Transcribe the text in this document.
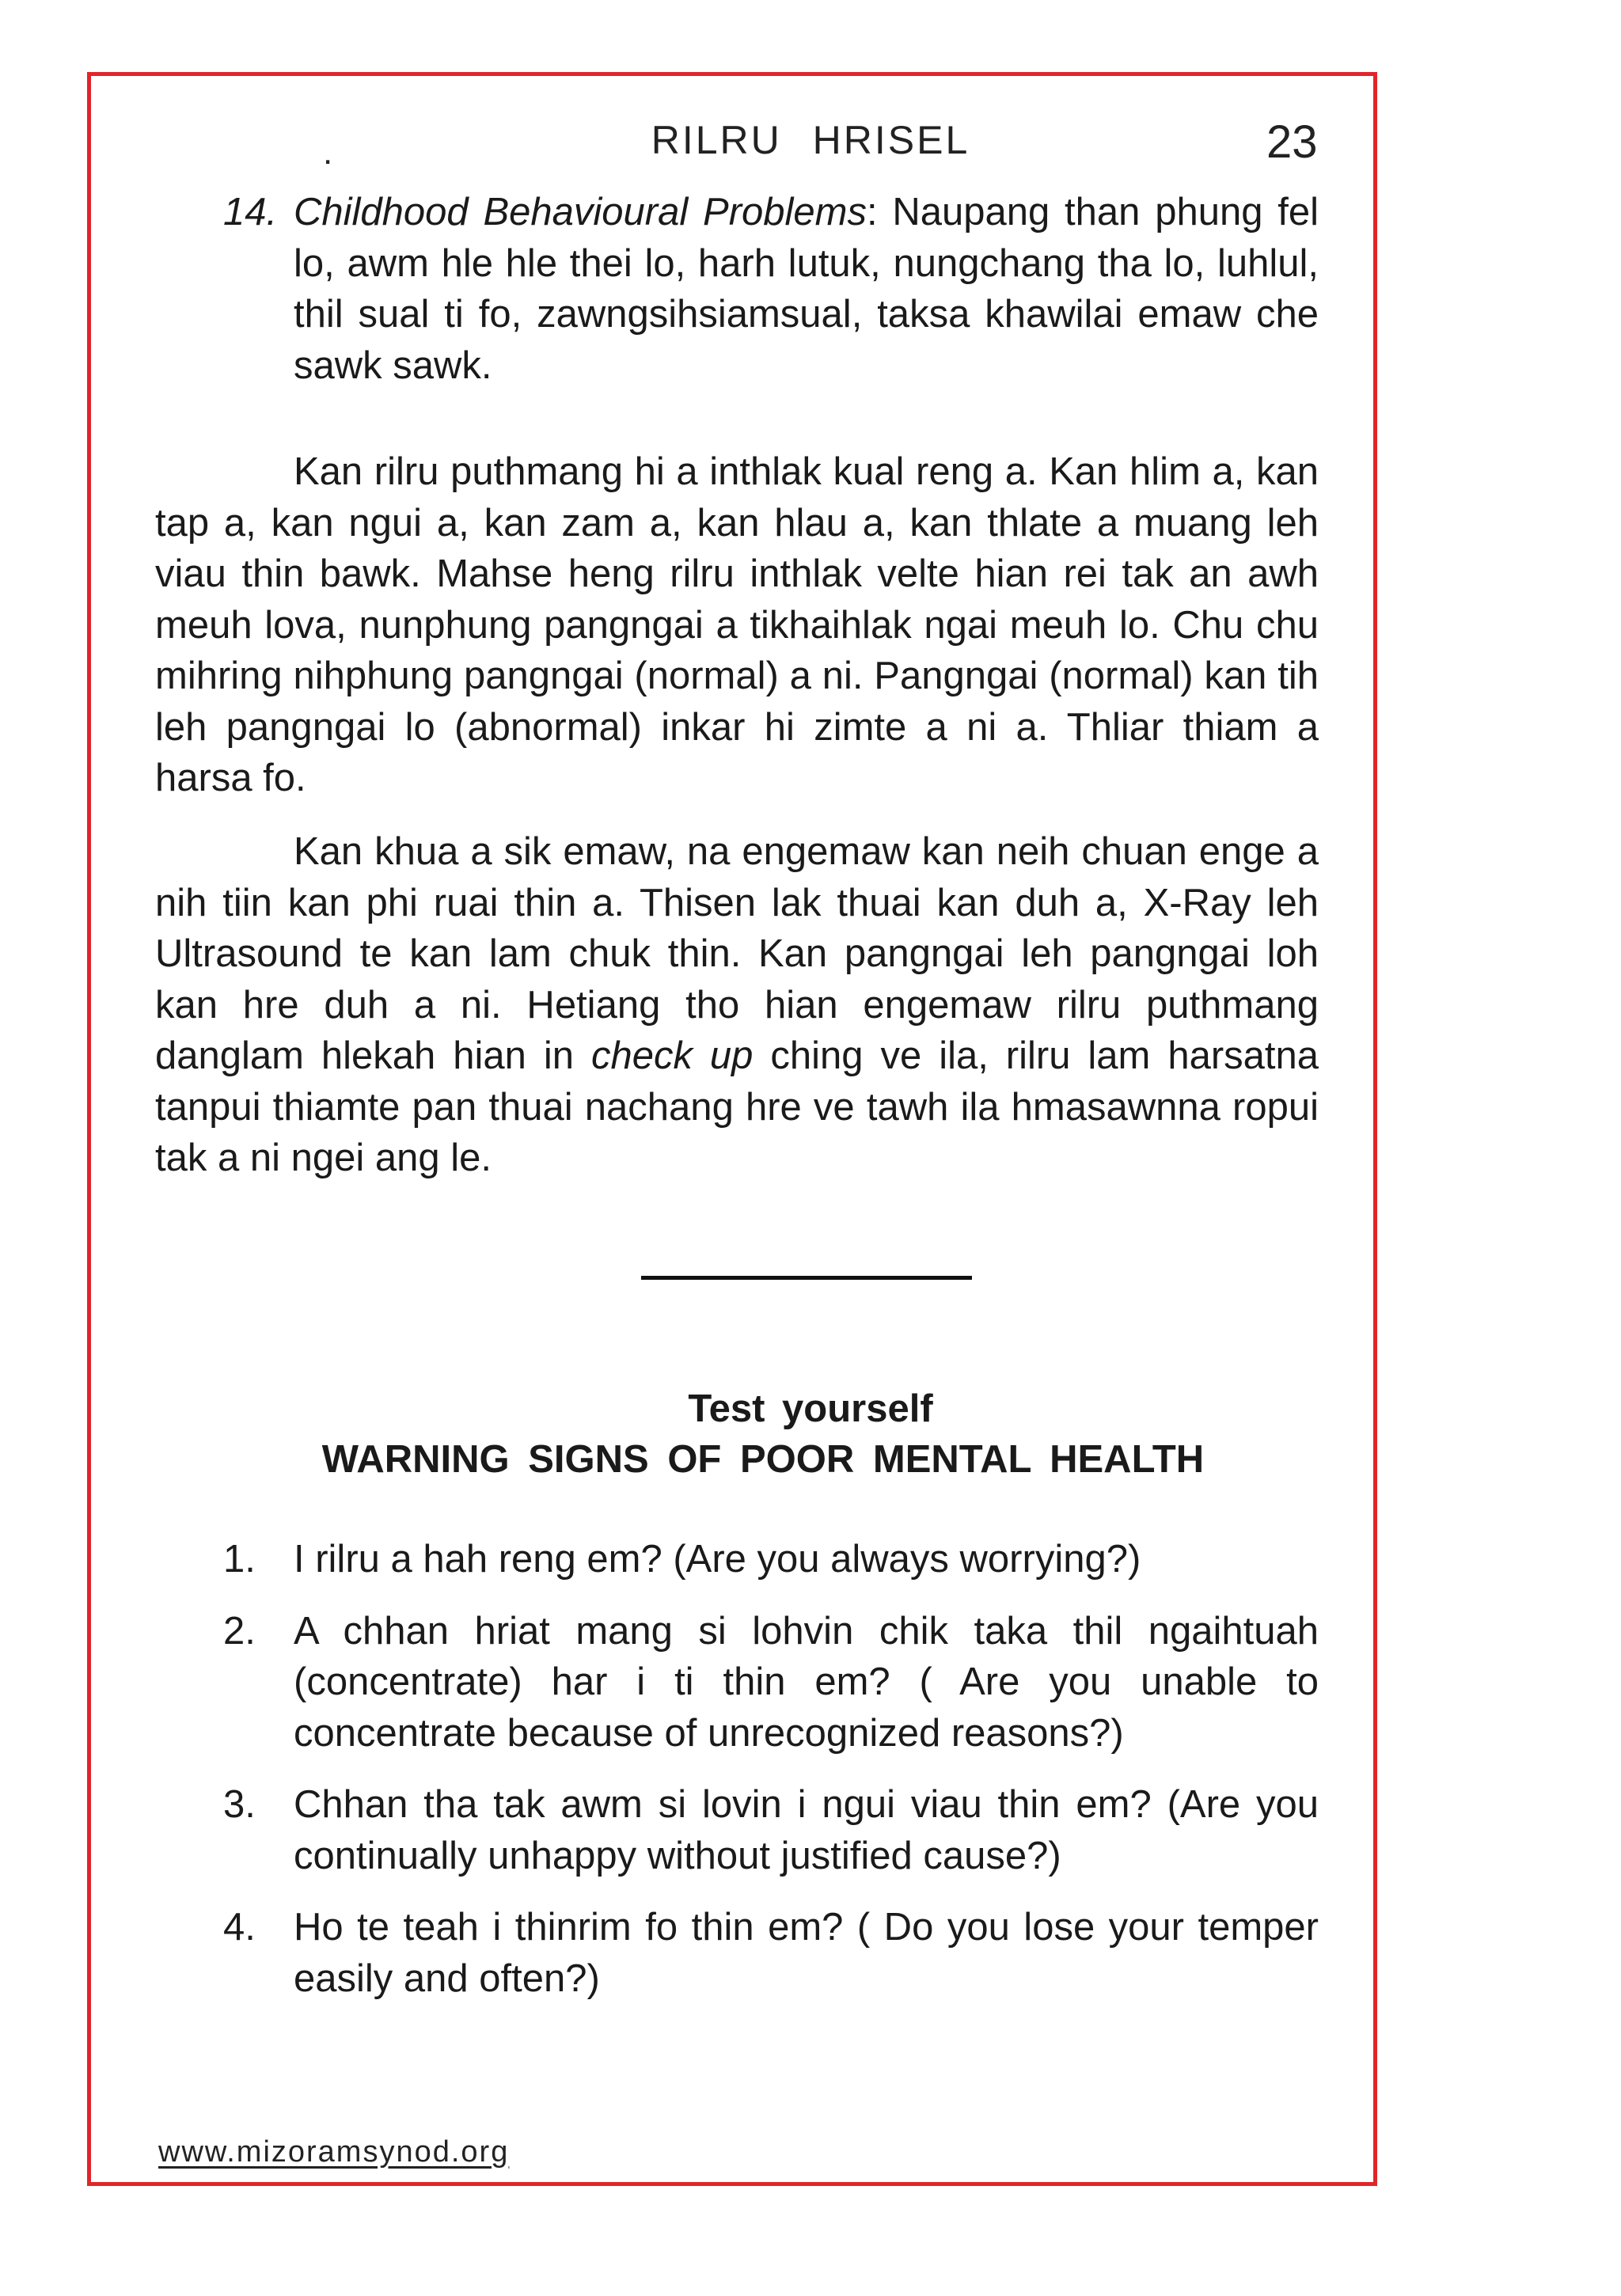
.	RILRU HRISEL	23
14. Childhood Behavioural Problems: Naupang than phung fel lo, awm hle hle thei lo, harh lutuk, nungchang tha lo, luhlul, thil sual ti fo, zawngsihsiamsual, taksa khawilai emaw che sawk sawk.

Kan rilru puthmang hi a inthlak kual reng a. Kan hlim a, kan tap a, kan ngui a, kan zam a, kan hlau a, kan thlate a muang leh viau thin bawk. Mahse heng rilru inthlak velte hian rei tak an awh meuh lova, nunphung pangngai a tikhaihlak ngai meuh lo. Chu chu mihring nihphung pangngai (normal) a ni. Pangngai (normal) kan tih leh pangngai lo (abnormal) inkar hi zimte a ni a. Thliar thiam a harsa fo.

Kan khua a sik emaw, na engemaw kan neih chuan enge a nih tiin kan phi ruai thin a. Thisen lak thuai kan duh a, X-Ray leh Ultrasound te kan lam chuk thin. Kan pangngai leh pangngai loh kan hre duh a ni. Hetiang tho hian engemaw rilru puthmang danglam hlekah hian in check up ching ve ila, rilru lam harsatna tanpui thiamte pan thuai nachang hre ve tawh ila hmasawnna ropui tak a ni ngei ang le.

Test yourself
WARNING SIGNS OF POOR MENTAL HEALTH
1. I rilru a hah reng em? (Are you always worrying?)
2. A chhan hriat mang si lohvin chik taka thil ngaihtuah (concentrate) har i ti thin em? ( Are you unable to concentrate because of unrecognized reasons?)
3. Chhan tha tak awm si lovin i ngui viau thin em? (Are you continually unhappy without justified cause?)
4. Ho te teah i thinrim fo thin em? ( Do you lose your temper easily and often?)
www.mizoramsynod.org
